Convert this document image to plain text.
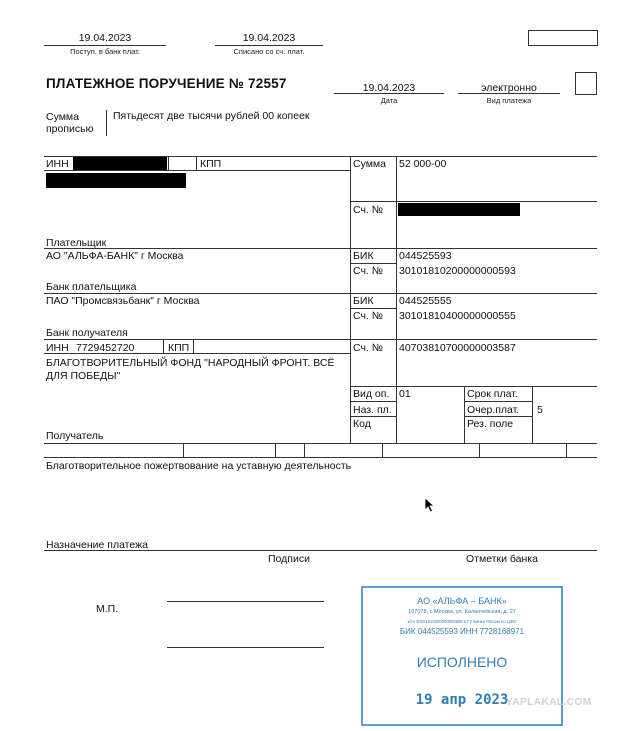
19.04.2023
Поступ. в банк плат.
19.04.2023
Списано со сч. плат.
ПЛАТЕЖНОЕ ПОРУЧЕНИЕ № 72557	19.04.2023
Дата
электронно
Вид платежа
Сумма
прописью
Пятьдесят две тысячи рублей 00 копеек
ИНН	КПП	Сумма 52 000-00
Сч. №
Плательщик
АО "АЛЬФА-БАНК" г Москва	БИК 044525593
Сч. № 30101810200000000593
Банк плательщика
ПАО "Промсвязьбанк" г Москва	БИК 044525555
Сч. № 30101810400000000555
Банк получателя
ИНН 7729452720	КПП	Сч. № 40703810700000003587
БЛАГОТВОРИТЕЛЬНЫЙ ФОНД "НАРОДНЫЙ ФРОНТ. ВСЁ
ДЛЯ ПОБЕДЫ"
Вид оп. 01	Срок плат.
Наз. пл.	Очер.плат. 5
Код	Рез. поле
Получатель
Благотворительное пожертвование на уставную деятельность
Назначение платежа
Подписи	Отметки банка
М.П.
АО «АЛЬФА – БАНК»
107078, г. Москва, ул. Каланчевская, д. 27
к/сч 30101810200000000593 в ГУ Банка России по ЦФО
БИК 044525593 ИНН 7728168971
ИСПОЛНЕНО
19 апр 2023
YAPLAKAL.COM
